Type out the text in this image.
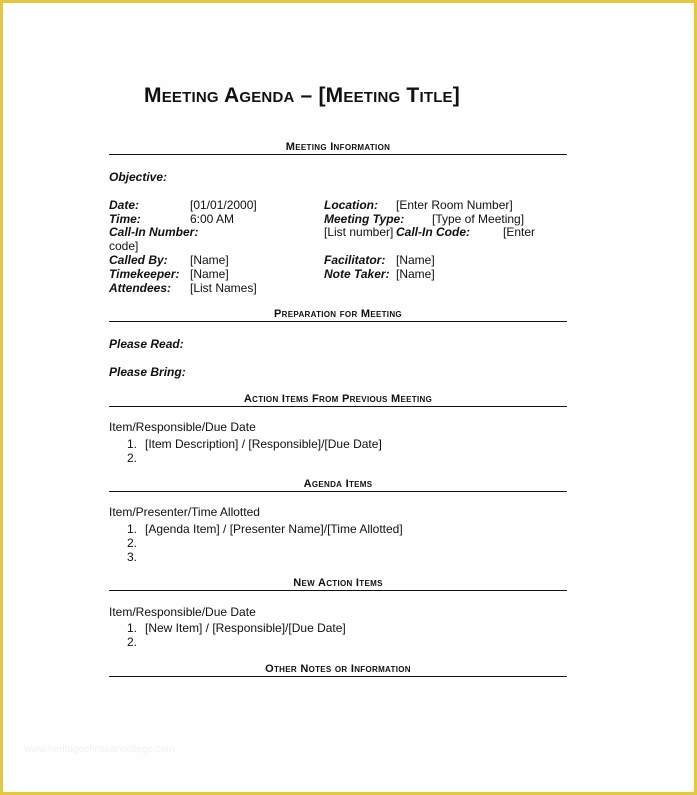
Meeting Agenda – [Meeting Title]
Meeting Information
Objective:
Date:	[01/01/2000]	Location: [Enter Room Number]
Time:	6:00 AM	Meeting Type: [Type of Meeting]
Call-In Number:	[List number] Call-In Code:	[Enter
code]
Called By: [Name]	Facilitator: [Name]
Timekeeper: [Name]	Note Taker: [Name]
Attendees: [List Names]
Preparation for Meeting
Please Read:
Please Bring:
Action Items From Previous Meeting
Item/Responsible/Due Date
1. [Item Description] / [Responsible]/[Due Date]
2.
Agenda Items
Item/Presenter/Time Allotted
1. [Agenda Item] / [Presenter Name]/[Time Allotted]
2.
3.
New Action Items
Item/Responsible/Due Date
1. [New Item] / [Responsible]/[Due Date]
2.
Other Notes or Information
www.heritagechristiancollege.com
